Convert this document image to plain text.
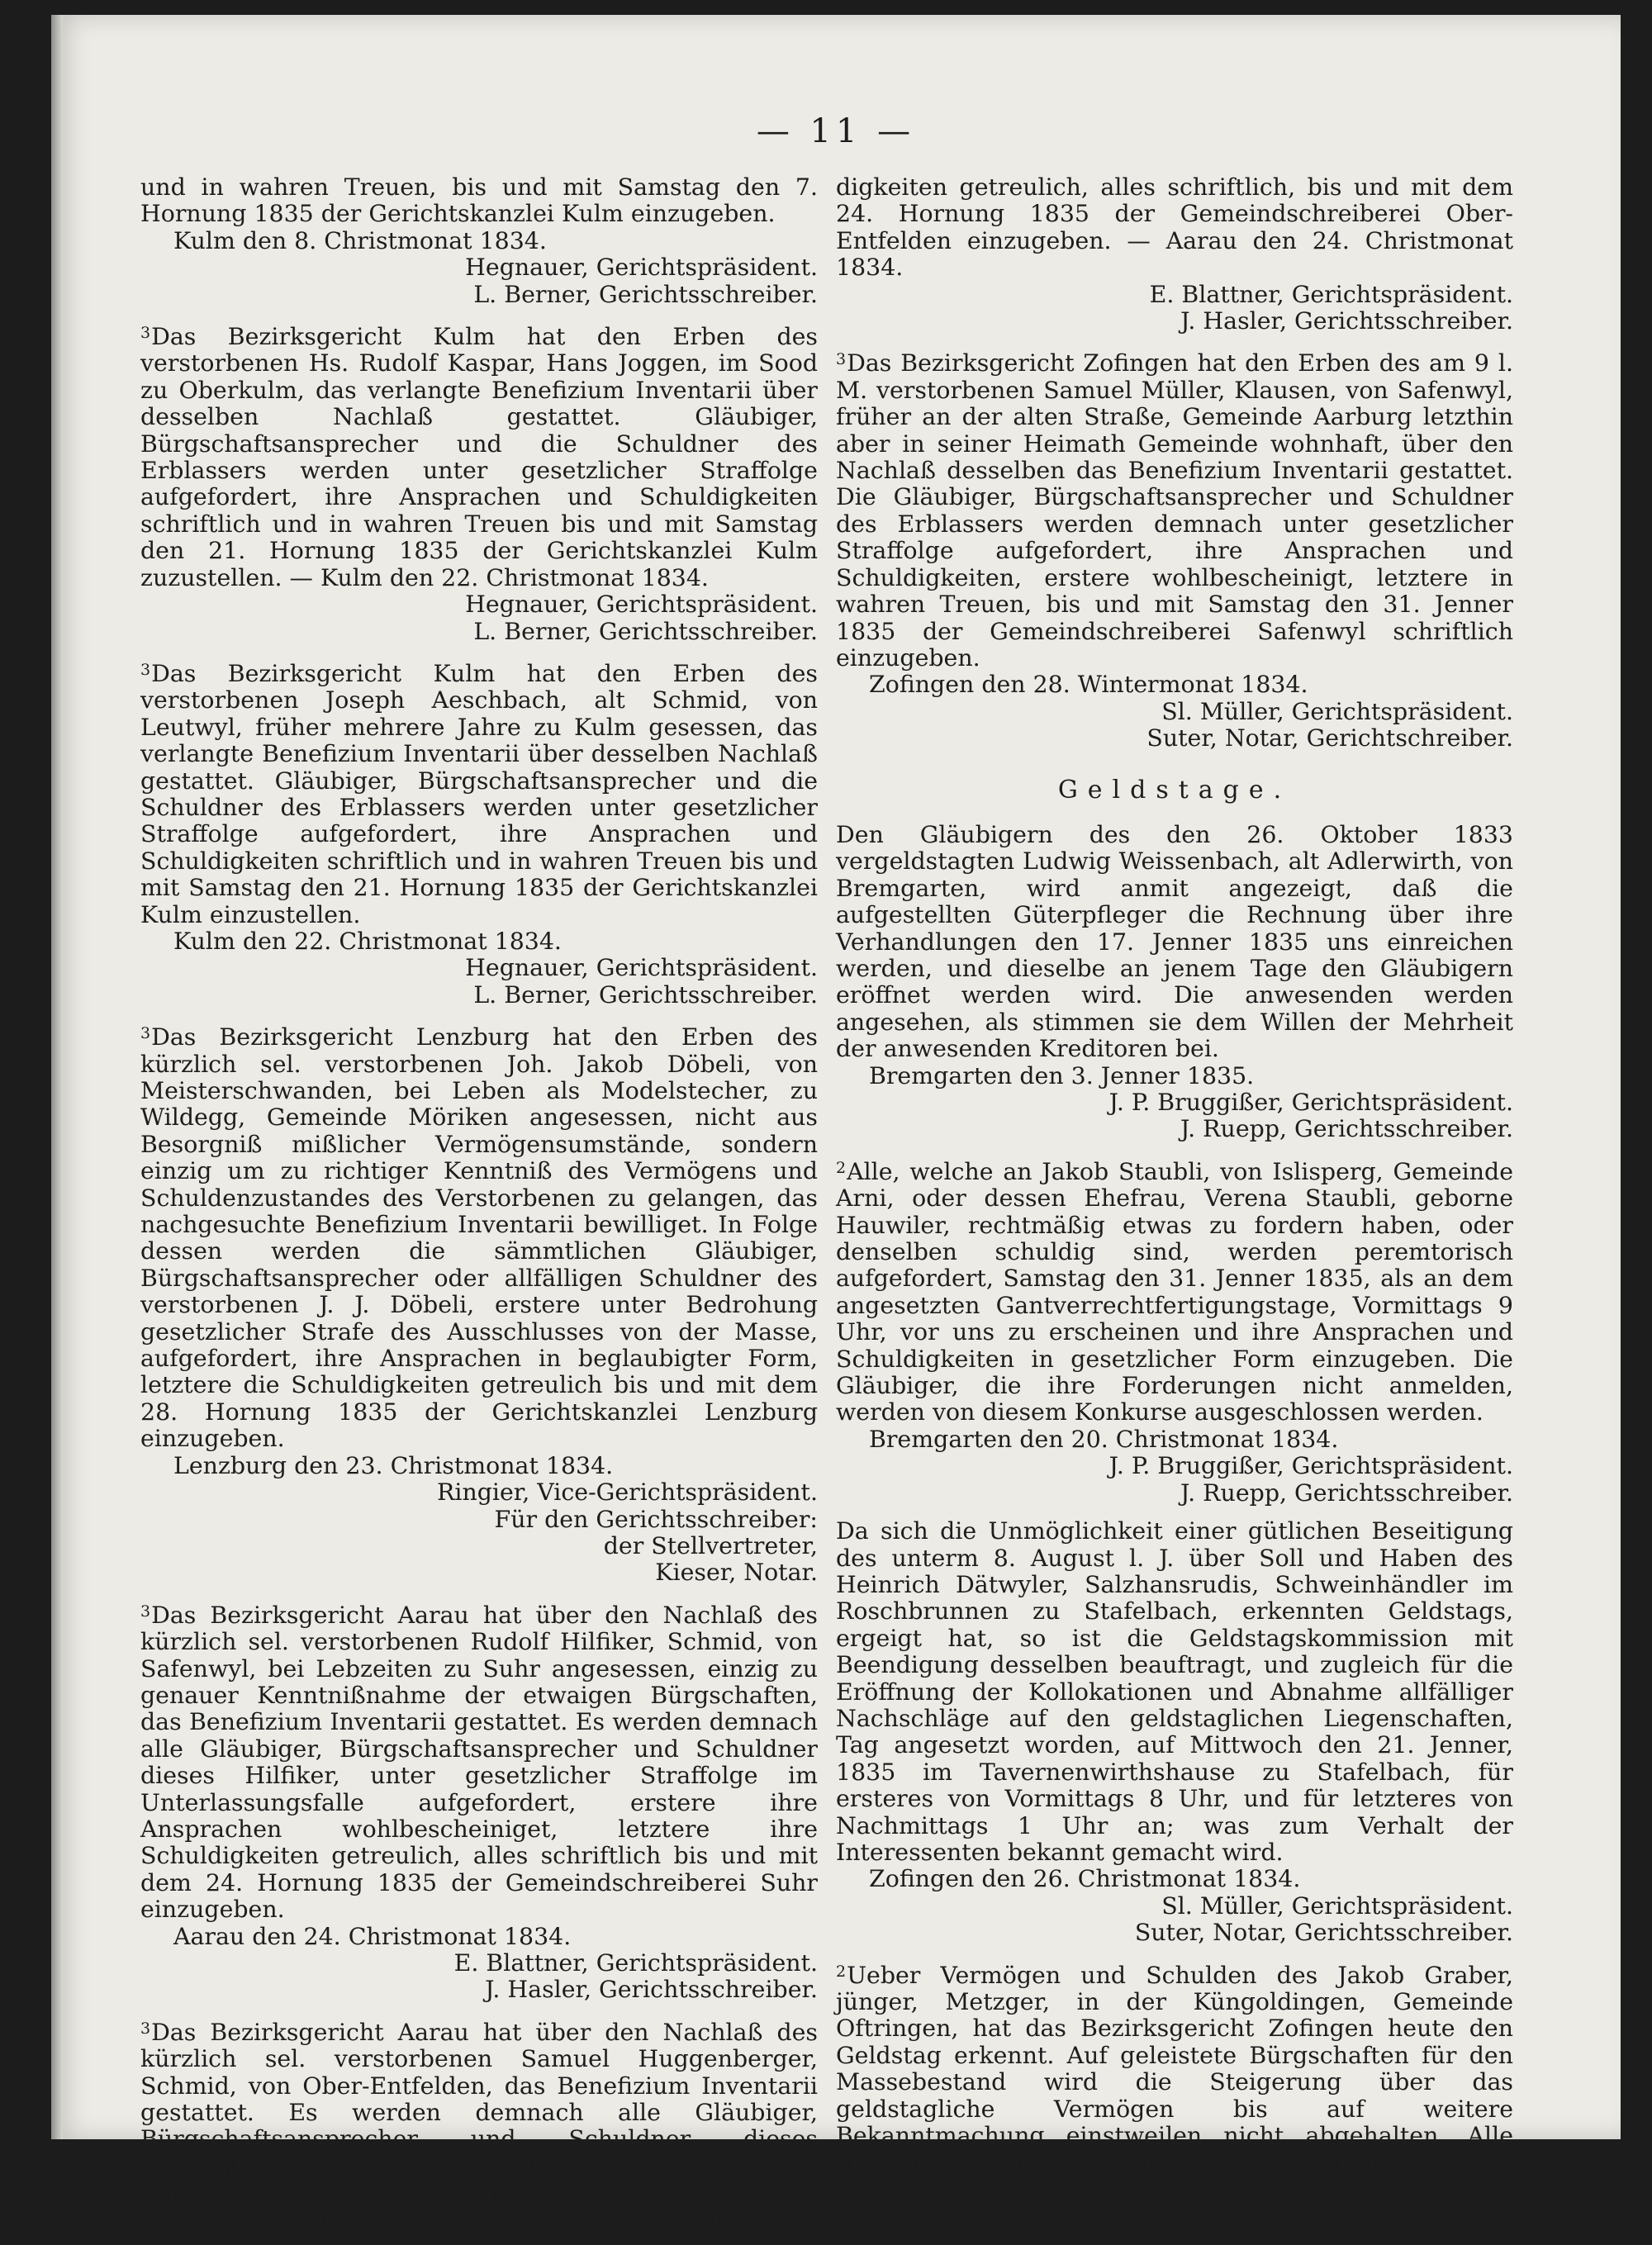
— 11 —

und in wahren Treuen, bis und mit Samstag den 7. Hornung 1835 der Gerichtskanzlei Kulm einzugeben.

Kulm den 8. Christmonat 1834.

Hegnauer, Gerichtspräsident.

L. Berner, Gerichtsschreiber.

$^3$Das Bezirksgericht Kulm hat den Erben des verstorbenen Hs. Rudolf Kaspar, Hans Joggen, im Sood zu Oberkulm, das verlangte Benefizium Inventarii über desselben Nachlaß gestattet. Gläubiger, Bürgschaftsansprecher und die Schuldner des Erblassers werden unter gesetzlicher Straffolge aufgefordert, ihre Ansprachen und Schuldigkeiten schriftlich und in wahren Treuen bis und mit Samstag den 21. Hornung 1835 der Gerichtskanzlei Kulm zuzustellen. — Kulm den 22. Christmonat 1834.

Hegnauer, Gerichtspräsident.

L. Berner, Gerichtsschreiber.

$^3$Das Bezirksgericht Kulm hat den Erben des verstorbenen Joseph Aeschbach, alt Schmid, von Leutwyl, früher mehrere Jahre zu Kulm gesessen, das verlangte Benefizium Inventarii über desselben Nachlaß gestattet. Gläubiger, Bürgschaftsansprecher und die Schuldner des Erblassers werden unter gesetzlicher Straffolge aufgefordert, ihre Ansprachen und Schuldigkeiten schriftlich und in wahren Treuen bis und mit Samstag den 21. Hornung 1835 der Gerichtskanzlei Kulm einzustellen.

Kulm den 22. Christmonat 1834.

Hegnauer, Gerichtspräsident.

L. Berner, Gerichtsschreiber.

$^3$Das Bezirksgericht Lenzburg hat den Erben des kürzlich sel. verstorbenen Joh. Jakob Döbeli, von Meisterschwanden, bei Leben als Modelstecher, zu Wildegg, Gemeinde Möriken angesessen, nicht aus Besorgniß mißlicher Vermögensumstände, sondern einzig um zu richtiger Kenntniß des Vermögens und Schuldenzustandes des Verstorbenen zu gelangen, das nachgesuchte Benefizium Inventarii bewilliget. In Folge dessen werden die sämmtlichen Gläubiger, Bürgschaftsansprecher oder allfälligen Schuldner des verstorbenen J. J. Döbeli, erstere unter Bedrohung gesetzlicher Strafe des Ausschlusses von der Masse, aufgefordert, ihre Ansprachen in beglaubigter Form, letztere die Schuldigkeiten getreulich bis und mit dem 28. Hornung 1835 der Gerichtskanzlei Lenzburg einzugeben.

Lenzburg den 23. Christmonat 1834.

Ringier, Vice-Gerichtspräsident.

Für den Gerichtsschreiber:

der Stellvertreter,

Kieser, Notar.

$^3$Das Bezirksgericht Aarau hat über den Nachlaß des kürzlich sel. verstorbenen Rudolf Hilfiker, Schmid, von Safenwyl, bei Lebzeiten zu Suhr angesessen, einzig zu genauer Kenntnißnahme der etwaigen Bürgschaften, das Benefizium Inventarii gestattet. Es werden demnach alle Gläubiger, Bürgschaftsansprecher und Schuldner dieses Hilfiker, unter gesetzlicher Straffolge im Unterlassungsfalle aufgefordert, erstere ihre Ansprachen wohlbescheiniget, letztere ihre Schuldigkeiten getreulich, alles schriftlich bis und mit dem 24. Hornung 1835 der Gemeindschreiberei Suhr einzugeben.

Aarau den 24. Christmonat 1834.

E. Blattner, Gerichtspräsident.

J. Hasler, Gerichtsschreiber.

$^3$Das Bezirksgericht Aarau hat über den Nachlaß des kürzlich sel. verstorbenen Samuel Huggenberger, Schmid, von Ober-Entfelden, das Benefizium Inventarii gestattet. Es werden demnach alle Gläubiger, Bürgschaftsansprecher und Schuldner dieses Huggenberger, unter gesetzlicher Straffolge im Unterlassungsfalle aufgefordert, erstere ihre Ansprachen wohlbescheinigt, letztere ihre Schul-

digkeiten getreulich, alles schriftlich, bis und mit dem 24. Hornung 1835 der Gemeindschreiberei Ober-Entfelden einzugeben. — Aarau den 24. Christmonat 1834.

E. Blattner, Gerichtspräsident.

J. Hasler, Gerichtsschreiber.

$^3$Das Bezirksgericht Zofingen hat den Erben des am 9 l. M. verstorbenen Samuel Müller, Klausen, von Safenwyl, früher an der alten Straße, Gemeinde Aarburg letzthin aber in seiner Heimath Gemeinde wohnhaft, über den Nachlaß desselben das Benefizium Inventarii gestattet. Die Gläubiger, Bürgschaftsansprecher und Schuldner des Erblassers werden demnach unter gesetzlicher Straffolge aufgefordert, ihre Ansprachen und Schuldigkeiten, erstere wohlbescheinigt, letztere in wahren Treuen, bis und mit Samstag den 31. Jenner 1835 der Gemeindschreiberei Safenwyl schriftlich einzugeben.

Zofingen den 28. Wintermonat 1834.

Sl. Müller, Gerichtspräsident.

Suter, Notar, Gerichtschreiber.

Geldstage.

Den Gläubigern des den 26. Oktober 1833 vergeldstagten Ludwig Weissenbach, alt Adlerwirth, von Bremgarten, wird anmit angezeigt, daß die aufgestellten Güterpfleger die Rechnung über ihre Verhandlungen den 17. Jenner 1835 uns einreichen werden, und dieselbe an jenem Tage den Gläubigern eröffnet werden wird. Die anwesenden werden angesehen, als stimmen sie dem Willen der Mehrheit der anwesenden Kreditoren bei.

Bremgarten den 3. Jenner 1835.

J. P. Bruggißer, Gerichtspräsident.

J. Ruepp, Gerichtsschreiber.

$^2$Alle, welche an Jakob Staubli, von Islisperg, Gemeinde Arni, oder dessen Ehefrau, Verena Staubli, geborne Hauwiler, rechtmäßig etwas zu fordern haben, oder denselben schuldig sind, werden peremtorisch aufgefordert, Samstag den 31. Jenner 1835, als an dem angesetzten Gantverrechtfertigungstage, Vormittags 9 Uhr, vor uns zu erscheinen und ihre Ansprachen und Schuldigkeiten in gesetzlicher Form einzugeben. Die Gläubiger, die ihre Forderungen nicht anmelden, werden von diesem Konkurse ausgeschlossen werden.

Bremgarten den 20. Christmonat 1834.

J. P. Bruggißer, Gerichtspräsident.

J. Ruepp, Gerichtsschreiber.

Da sich die Unmöglichkeit einer gütlichen Beseitigung des unterm 8. August l. J. über Soll und Haben des Heinrich Dätwyler, Salzhansrudis, Schweinhändler im Roschbrunnen zu Stafelbach, erkennten Geldstags, ergeigt hat, so ist die Geldstagskommission mit Beendigung desselben beauftragt, und zugleich für die Eröffnung der Kollokationen und Abnahme allfälliger Nachschläge auf den geldstaglichen Liegenschaften, Tag angesetzt worden, auf Mittwoch den 21. Jenner, 1835 im Tavernenwirthshause zu Stafelbach, für ersteres von Vormittags 8 Uhr, und für letzteres von Nachmittags 1 Uhr an; was zum Verhalt der Interessenten bekannt gemacht wird.

Zofingen den 26. Christmonat 1834.

Sl. Müller, Gerichtspräsident.

Suter, Notar, Gerichtsschreiber.

$^2$Ueber Vermögen und Schulden des Jakob Graber, jünger, Metzger, in der Küngoldingen, Gemeinde Oftringen, hat das Bezirksgericht Zofingen heute den Geldstag erkennt. Auf geleistete Bürgschaften für den Massebestand wird die Steigerung über das geldstagliche Vermögen bis auf weitere Bekanntmachung einstweilen nicht abgehalten. Alle diejenigen, welche an den Geldstager irgend einer Art Anforderungen zu machen haben, so wie dessen
